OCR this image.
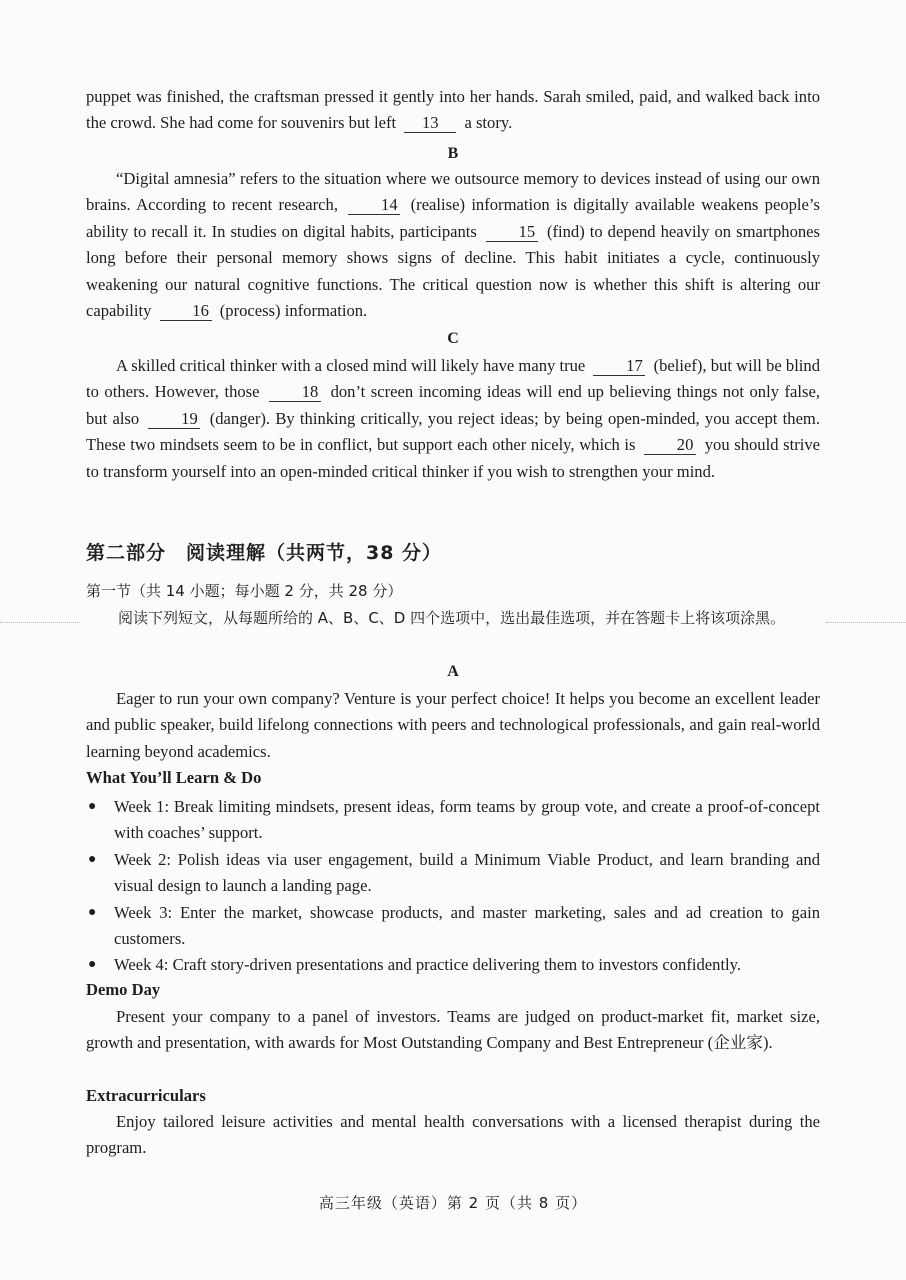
puppet was finished, the craftsman pressed it gently into her hands. Sarah smiled, paid, and walked back into the crowd. She had come for souvenirs but left 13 a story.

B

“Digital amnesia” refers to the situation where we outsource memory to devices instead of using our own brains. According to recent research,	14 (realise) information is digitally available weakens people’s ability to recall it. In studies on digital habits, participants	15 (find) to depend heavily on smartphones long before their personal memory shows signs of decline. This habit initiates a cycle, continuously weakening our natural cognitive functions. The critical question now is whether this shift is altering our capability 16 (process) information.

C

A skilled critical thinker with a closed mind will likely have many true 17 (belief), but will be blind to others. However, those	18 don’t screen incoming ideas will end up believing things not only false, but also	19 (danger). By thinking critically, you reject ideas; by being open-minded, you accept them. These two mindsets seem to be in conflict, but support each other nicely, which is 20 you should strive to transform yourself into an open-minded critical thinker if you wish to strengthen your mind.

第二部分　阅读理解（共两节，38 分）

第一节（共 14 小题；每小题 2 分，共 28 分）

阅读下列短文，从每题所给的 A、B、C、D 四个选项中，选出最佳选项，并在答题卡上将该项涂黑。

A

Eager to run your own company? Venture is your perfect choice! It helps you become an excellent leader and public speaker, build lifelong connections with peers and technological professionals, and gain real-world learning beyond academics.

What You’ll Learn & Do

● Week 1: Break limiting mindsets, present ideas, form teams by group vote, and create a proof-of-concept with coaches’ support.
● Week 2: Polish ideas via user engagement, build a Minimum Viable Product, and learn branding and visual design to launch a landing page.
● Week 3: Enter the market, showcase products, and master marketing, sales and ad creation to gain customers.
● Week 4: Craft story-driven presentations and practice delivering them to investors confidently.

Demo Day

Present your company to a panel of investors. Teams are judged on product-market fit, market size, growth and presentation, with awards for Most Outstanding Company and Best Entrepreneur (企业家).

Extracurriculars

Enjoy tailored leisure activities and mental health conversations with a licensed therapist during the program.

高三年级（英语）第 2 页（共 8 页）
